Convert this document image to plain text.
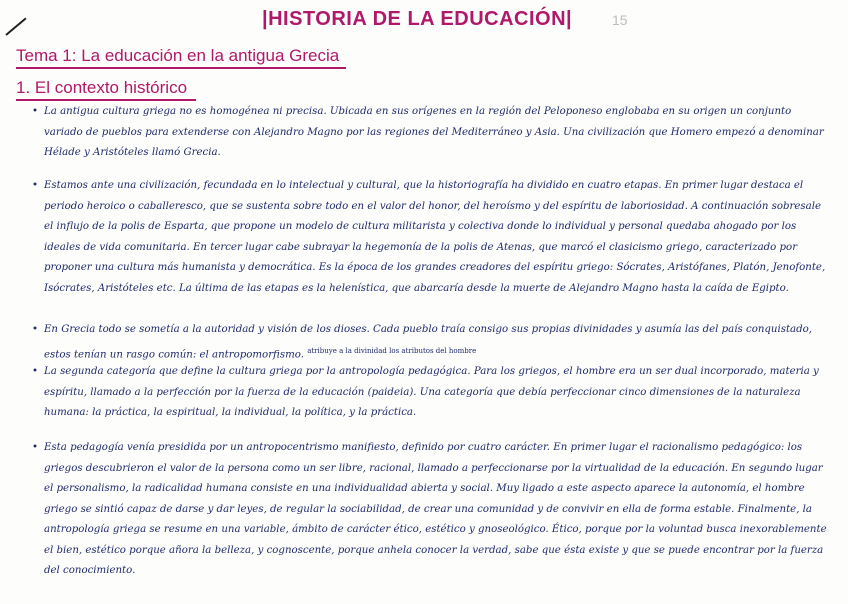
|HISTORIA DE LA EDUCACIÓN|	15
Tema 1: La educación en la antigua Grecia
1. El contexto histórico

• La antigua cultura griega no es homogénea ni precisa. Ubicada en sus orígenes en la región del Peloponeso englobaba en su origen un conjunto variado de pueblos para extenderse con Alejandro Magno por las regiones del Mediterráneo y Asia. Una civilización que Homero empezó a denominar Hélade y Aristóteles llamó Grecia.

• Estamos ante una civilización, fecundada en lo intelectual y cultural, que la historiografía ha dividido en cuatro etapas. En primer lugar destaca el periodo heroico o caballeresco, que se sustenta sobre todo en el valor del honor, del heroísmo y del espíritu de laboriosidad. A continuación sobresale el influjo de la polis de Esparta, que propone un modelo de cultura militarista y colectiva donde lo individual y personal quedaba ahogado por los ideales de vida comunitaria. En tercer lugar cabe subrayar la hegemonía de la polis de Atenas, que marcó el clasicismo griego, caracterizado por proponer una cultura más humanista y democrática. Es la época de los grandes creadores del espíritu griego: Sócrates, Aristófanes, Platón, Jenofonte, Isócrates, Aristóteles etc. La última de las etapas es la helenística, que abarcaría desde la muerte de Alejandro Magno hasta la caída de Egipto.

• En Grecia todo se sometía a la autoridad y visión de los dioses. Cada pueblo traía consigo sus propias divinidades y asumía las del país conquistado, estos tenían un rasgo común: el antropomorfismo. $^{atribuye a la divinidad los atributos del hombre}$

• La segunda categoría que define la cultura griega por la antropología pedagógica. Para los griegos, el hombre era un ser dual incorporado, materia y espíritu, llamado a la perfección por la fuerza de la educación (paideia). Una categoría que debía perfeccionar cinco dimensiones de la naturaleza humana: la práctica, la espiritual, la individual, la política, y la práctica.

• Esta pedagogía venía presidida por un antropocentrismo manifiesto, definido por cuatro carácter. En primer lugar el racionalismo pedagógico: los griegos descubrieron el valor de la persona como un ser libre, racional, llamado a perfeccionarse por la virtualidad de la educación. En segundo lugar el personalismo, la radicalidad humana consiste en una individualidad abierta y social. Muy ligado a este aspecto aparece la autonomía, el hombre griego se sintió capaz de darse y dar leyes, de regular la sociabilidad, de crear una comunidad y de convivir en ella de forma estable. Finalmente, la antropología griega se resume en una variable, ámbito de carácter ético, estético y gnoseológico. Ético, porque por la voluntad busca inexorablemente el bien, estético porque añora la belleza, y cognoscente, porque anhela conocer la verdad, sabe que ésta existe y que se puede encontrar por la fuerza del conocimiento.
